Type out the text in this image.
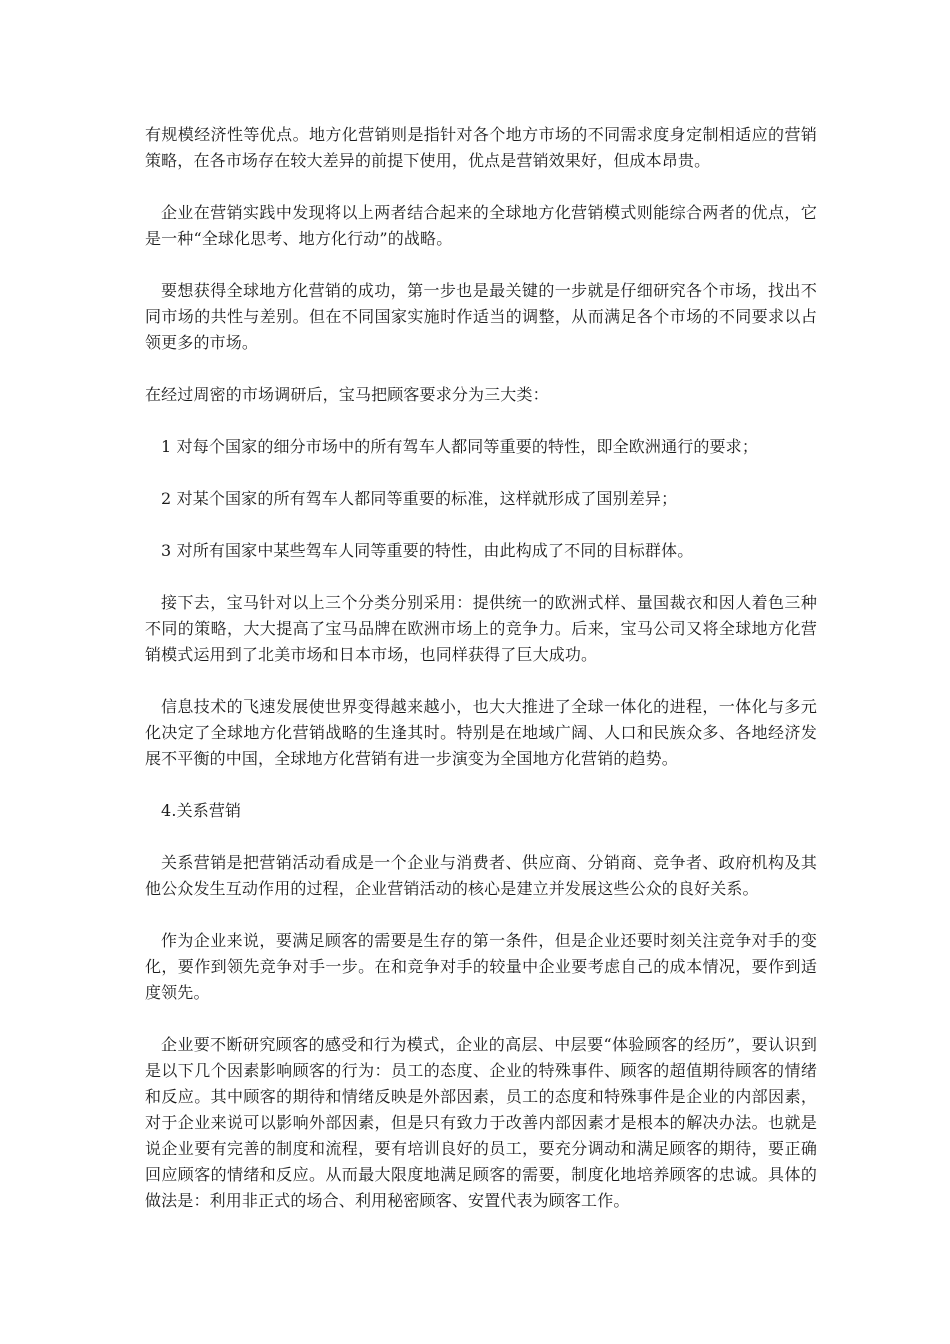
有规模经济性等优点。地方化营销则是指针对各个地方市场的不同需求度身定制相适应的营销策略，在各市场存在较大差异的前提下使用，优点是营销效果好，但成本昂贵。

企业在营销实践中发现将以上两者结合起来的全球地方化营销模式则能综合两者的优点，它是一种“全球化思考、地方化行动”的战略。

要想获得全球地方化营销的成功，第一步也是最关键的一步就是仔细研究各个市场，找出不同市场的共性与差别。但在不同国家实施时作适当的调整，从而满足各个市场的不同要求以占领更多的市场。

在经过周密的市场调研后，宝马把顾客要求分为三大类：

1 对每个国家的细分市场中的所有驾车人都同等重要的特性，即全欧洲通行的要求；

2 对某个国家的所有驾车人都同等重要的标准，这样就形成了国别差异；

3 对所有国家中某些驾车人同等重要的特性，由此构成了不同的目标群体。

接下去，宝马针对以上三个分类分别采用：提供统一的欧洲式样、量国裁衣和因人着色三种不同的策略，大大提高了宝马品牌在欧洲市场上的竞争力。后来，宝马公司又将全球地方化营销模式运用到了北美市场和日本市场，也同样获得了巨大成功。

信息技术的飞速发展使世界变得越来越小，也大大推进了全球一体化的进程，一体化与多元化决定了全球地方化营销战略的生逢其时。特别是在地域广阔、人口和民族众多、各地经济发展不平衡的中国，全球地方化营销有进一步演变为全国地方化营销的趋势。

4.关系营销

关系营销是把营销活动看成是一个企业与消费者、供应商、分销商、竞争者、政府机构及其他公众发生互动作用的过程，企业营销活动的核心是建立并发展这些公众的良好关系。

作为企业来说，要满足顾客的需要是生存的第一条件，但是企业还要时刻关注竞争对手的变化，要作到领先竞争对手一步。在和竞争对手的较量中企业要考虑自己的成本情况，要作到适度领先。

企业要不断研究顾客的感受和行为模式，企业的高层、中层要“体验顾客的经历”，要认识到是以下几个因素影响顾客的行为：员工的态度、企业的特殊事件、顾客的超值期待顾客的情绪和反应。其中顾客的期待和情绪反映是外部因素，员工的态度和特殊事件是企业的内部因素，对于企业来说可以影响外部因素，但是只有致力于改善内部因素才是根本的解决办法。也就是说企业要有完善的制度和流程，要有培训良好的员工，要充分调动和满足顾客的期待，要正确回应顾客的情绪和反应。从而最大限度地满足顾客的需要，制度化地培养顾客的忠诚。具体的做法是：利用非正式的场合、利用秘密顾客、安置代表为顾客工作。
